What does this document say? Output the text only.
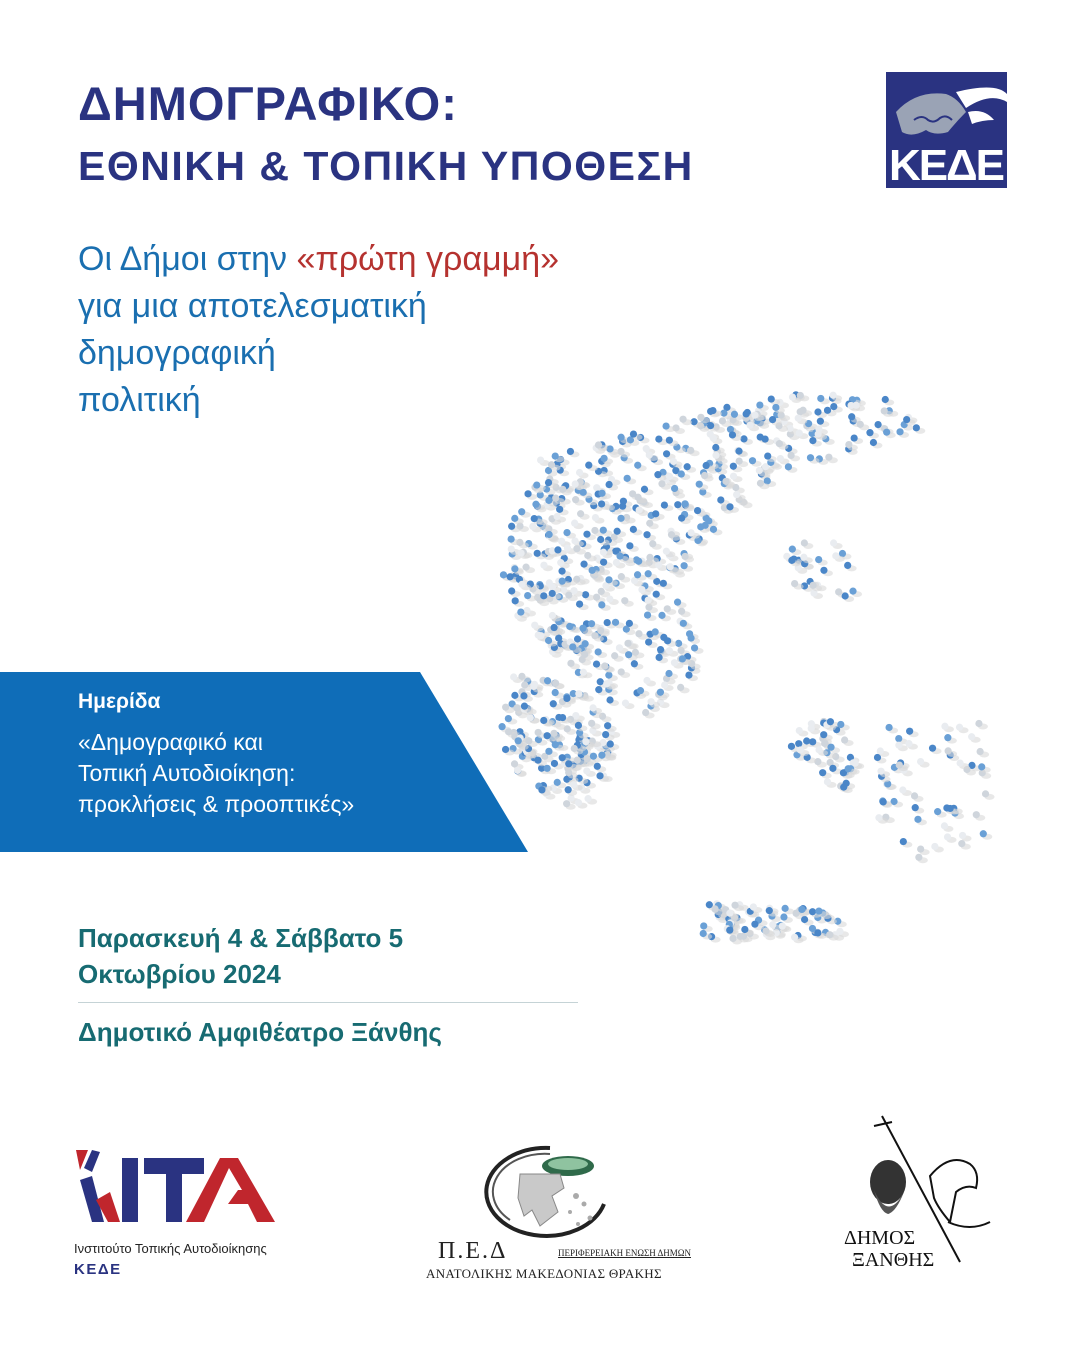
ΔΗΜΟΓΡΑΦΙΚΟ:
ΕΘΝΙΚΗ & ΤΟΠΙΚΗ ΥΠΟΘΕΣΗ	ΚΕΔΕ
Οι Δήμοι στην «πρώτη γραμμή»
για μια αποτελεσματική
δημογραφική
πολιτική
Ημερίδα
«Δημογραφικό και
Τοπική Αυτοδιοίκηση:
προκλήσεις & προοπτικές»
Παρασκευή 4 & Σάββατο 5
Οκτωβρίου 2024
Δημοτικό Αμφιθέατρο Ξάνθης
Ινστιτούτο Τοπικής Αυτοδιοίκησης
ΚΕΔΕ
Π.Ε.Δ	ΠΕΡΙΦΕΡΕΙΑΚΗ ΕΝΩΣΗ ΔΗΜΩΝ
ΑΝΑΤΟΛΙΚΗΣ ΜΑΚΕΔΟΝΙΑΣ ΘΡΑΚΗΣ
ΔΗΜΟΣ
ΞΑΝΘΗΣ
